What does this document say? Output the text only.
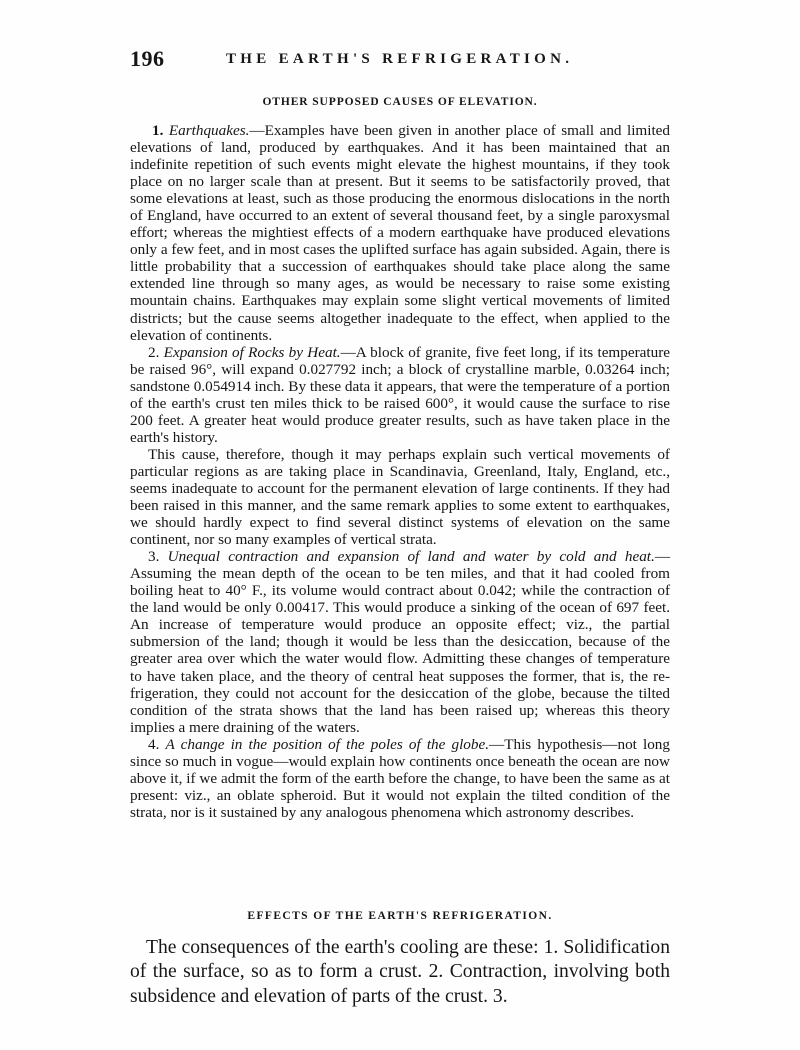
196	THE EARTH'S REFRIGERATION.
OTHER SUPPOSED CAUSES OF ELEVATION.

1. Earthquakes.—Examples have been given in another place of small and limited elevations of land, produced by earthquakes. And it has been maintained that an indefinite repetition of such events might elevate the highest mountains, if they took place on no larger scale than at present. But it seems to be satisfactorily proved, that some elevations at least, such as those producing the enormous dislocations in the north of England, have occurred to an extent of several thousand feet, by a single paroxysmal effort; whereas the mightiest effects of a modern earthquake have produced elevations only a few feet, and in most cases the uplifted surface has again subsided. Again, there is little probability that a succession of earthquakes should take place along the same extended line through so many ages, as would be necessary to raise some existing mountain chains. Earthquakes may explain some slight vertical movements of limited districts; but the cause seems altogether inadequate to the effect, when applied to the elevation of continents.

2. Expansion of Rocks by Heat.—A block of granite, five feet long, if its temperature be raised 96°, will expand 0.027792 inch; a block of crystalline marble, 0.03264 inch; sandstone 0.054914 inch. By these data it appears, that were the temperature of a portion of the earth's crust ten miles thick to be raised 600°, it would cause the surface to rise 200 feet. A greater heat would produce greater results, such as have taken place in the earth's history.

This cause, therefore, though it may perhaps explain such vertical movements of particular regions as are taking place in Scandinavia, Greenland, Italy, England, etc., seems inadequate to account for the permanent elevation of large continents. If they had been raised in this manner, and the same remark applies to some extent to earthquakes, we should hardly expect to find several distinct systems of elevation on the same continent, nor so many examples of vertical strata.

3. Unequal contraction and expansion of land and water by cold and heat.—Assuming the mean depth of the ocean to be ten miles, and that it had cooled from boiling heat to 40° F., its volume would contract about 0.042; while the contraction of the land would be only 0.00417. This would produce a sinking of the ocean of 697 feet. An increase of temperature would produce an opposite effect; viz., the partial submersion of the land; though it would be less than the desiccation, because of the greater area over which the water would flow. Admitting these changes of temperature to have taken place, and the theory of central heat supposes the former, that is, the refrigeration, they could not account for the desiccation of the globe, because the tilted condition of the strata shows that the land has been raised up; whereas this theory implies a mere draining of the waters.

4. A change in the position of the poles of the globe.—This hypothesis—not long since so much in vogue—would explain how continents once beneath the ocean are now above it, if we admit the form of the earth before the change, to have been the same as at present: viz., an oblate spheroid. But it would not explain the tilted condition of the strata, nor is it sustained by any analogous phenomena which astronomy describes.

EFFECTS OF THE EARTH'S REFRIGERATION.

The consequences of the earth's cooling are these: 1. Solidification of the surface, so as to form a crust. 2. Contraction, involving both subsidence and elevation of parts of the crust. 3.
